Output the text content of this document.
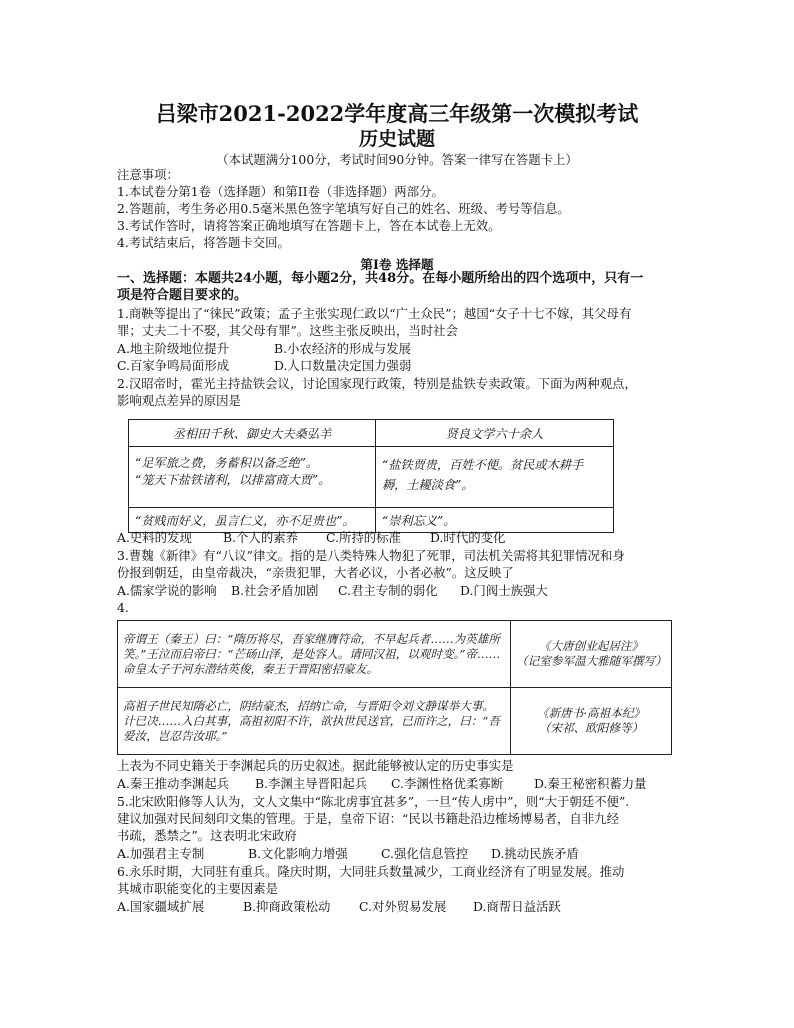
吕梁市2021-2022学年度高三年级第一次模拟考试
历史试题
（本试题满分100分，考试时间90分钟。答案一律写在答题卡上）
注意事项：
1.本试卷分第1卷（选择题）和第II卷（非选择题）两部分。
2.答题前，考生务必用0.5毫米黑色签字笔填写好自己的姓名、班级、考号等信息。
3.考试作答时，请将答案正确地填写在答题卡上，答在本试卷上无效。
4.考试结束后，将答题卡交回。
第I卷 选择题
一、选择题：本题共24小题，每小题2分，共48分。在每小题所给出的四个选项中，只有一
项是符合题目要求的。
1.商鞅等提出了“徕民”政策；孟子主张实现仁政以“广土众民”；越国“女子十七不嫁，其父母有
罪；丈夫二十不娶，其父母有罪”。这些主张反映出，当时社会
A.地主阶级地位提升	B.小农经济的形成与发展
C.百家争鸣局面形成	D.人口数量决定国力强弱
2.汉昭帝时，霍光主持盐铁会议，讨论国家现行政策，特别是盐铁专卖政策。下面为两种观点，
影响观点差异的原因是
丞相田千秋、御史大夫桑弘羊	贤良文学六十余人

“足军旅之费，务蓄积以备乏绝”。
“笼天下盐铁诸利，以排富商大贾”。	“盐铁贾贵，百姓不便。贫民或木耕手耨，土耰淡食”。
“贫贱而好义，虽言仁义，亦不足贵也”。	“崇利忘义”。
A.史料的发现	B.个人的素养 C.所持的标准 D.时代的变化
3.曹魏《新律》有“八议”律文。指的是八类特殊人物犯了死罪，司法机关需将其犯罪情况和身
份报到朝廷，由皇帝裁决，“亲贵犯罪，大者必议，小者必赦”。这反映了
A.儒家学说的影响 B.社会矛盾加剧 C.君主专制的弱化 D.门阀士族强大
4.
帝谓王（秦王）曰：“隋历将尽，吾家继膺符命，不早起兵者……为英雄所笑。”王泣而启帝曰：“芒砀山泽，是处容人。请同汉祖，以观时变。”帝……命皇太子于河东潜结英俊，秦王于晋阳密招豪友。	《大唐创业起居注》
（记室参军温大雅随军撰写）

高祖子世民知隋必亡，阴结豪杰，招纳亡命，与晋阳令刘文静谋举大事。计已决……入白其事，高祖初阳不许，欲执世民送官，已而许之，曰：“吾爱汝，岂忍告汝耶。”	《新唐书·高祖本纪》
（宋祁、欧阳修等）
上表为不同史籍关于李渊起兵的历史叙述。据此能够被认定的历史事实是
A.秦王推动李渊起兵 B.李渊主导晋阳起兵 C.李渊性格优柔寡断 D.秦王秘密积蓄力量
5.北宋欧阳修等人认为，文人文集中“陈北虏事宜甚多”，一旦“传人虏中”，则“大于朝廷不便”.
建议加强对民间刻印文集的管理。于是，皇帝下诏：“民以书籍赴沿边榷场博易者，自非九经
书疏，悉禁之”。这表明北宋政府
A.加强君主专制	B.文化影响力增强	C.强化信息管控 D.挑动民族矛盾
6.永乐时期，大同驻有重兵。隆庆时期，大同驻兵数量减少，工商业经济有了明显发展。推动
其城市职能变化的主要因素是
A.国家疆域扩展	B.抑商政策松动 C.对外贸易发展 D.商帮日益活跃
